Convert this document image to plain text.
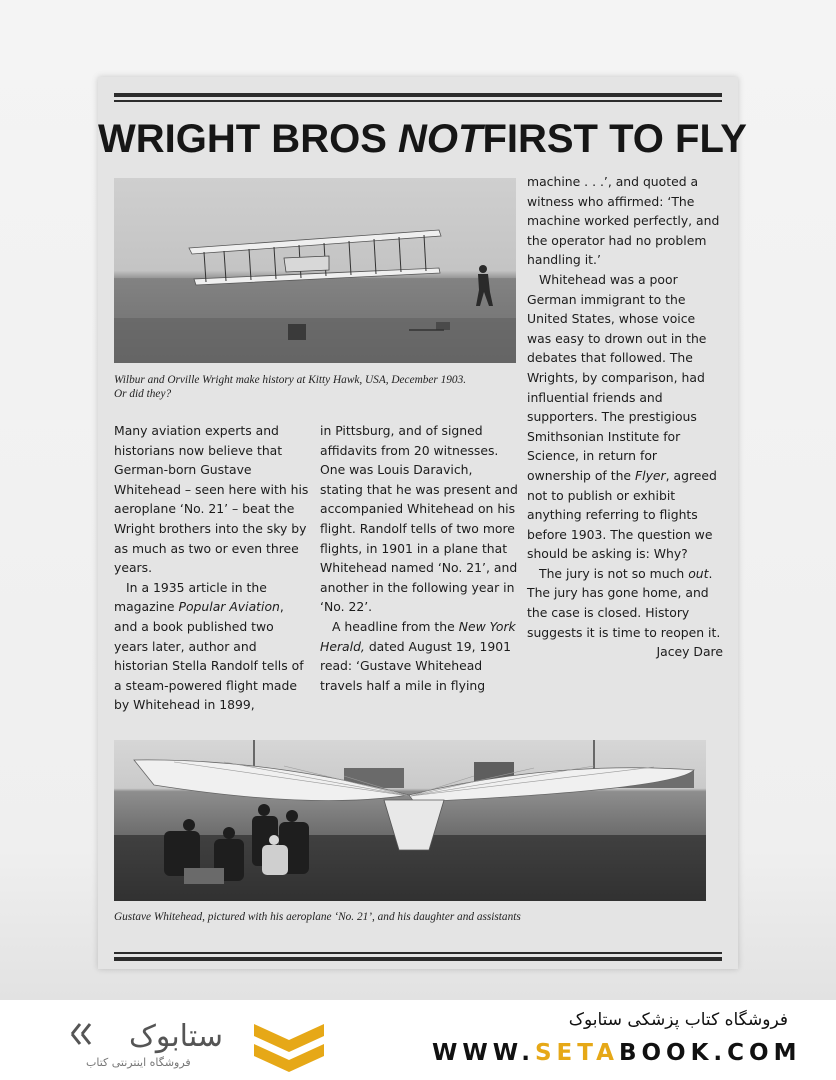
WRIGHT BROS NOTFIRST TO FLY
Wilbur and Orville Wright make history at Kitty Hawk, USA, December 1903.
Or did they?

Many aviation experts and historians now believe that German-born Gustave Whitehead – seen here with his aeroplane ‘No. 21’ – beat the Wright brothers into the sky by as much as two or even three years.

In a 1935 article in the magazine Popular Aviation, and a book published two years later, author and historian Stella Randolf tells of a steam-powered flight made by Whitehead in 1899,

in Pittsburg, and of signed affidavits from 20 witnesses. One was Louis Daravich, stating that he was present and accompanied Whitehead on his flight. Randolf tells of two more flights, in 1901 in a plane that Whitehead named ‘No. 21’, and another in the following year in ‘No. 22’.

A headline from the New York Herald, dated August 19, 1901 read: ‘Gustave Whitehead travels half a mile in flying

machine . . .’, and quoted a witness who affirmed: ‘The machine worked perfectly, and the operator had no problem handling it.’

Whitehead was a poor German immigrant to the United States, whose voice was easy to drown out in the debates that followed. The Wrights, by comparison, had influential friends and supporters. The prestigious Smithsonian Institute for Science, in return for ownership of the Flyer, agreed not to publish or exhibit anything referring to flights before 1903. The question we should be asking is: Why?

The jury is not so much out. The jury has gone home, and the case is closed. History suggests it is time to reopen it.

Jacey Dare

Gustave Whitehead, pictured with his aeroplane ‘No. 21’, and his daughter and assistants
ستابوک
فروشگاه اینترنتی کتاب
فروشگاه کتاب پزشکی ستابوک
WWW.SETABOOK.COM
